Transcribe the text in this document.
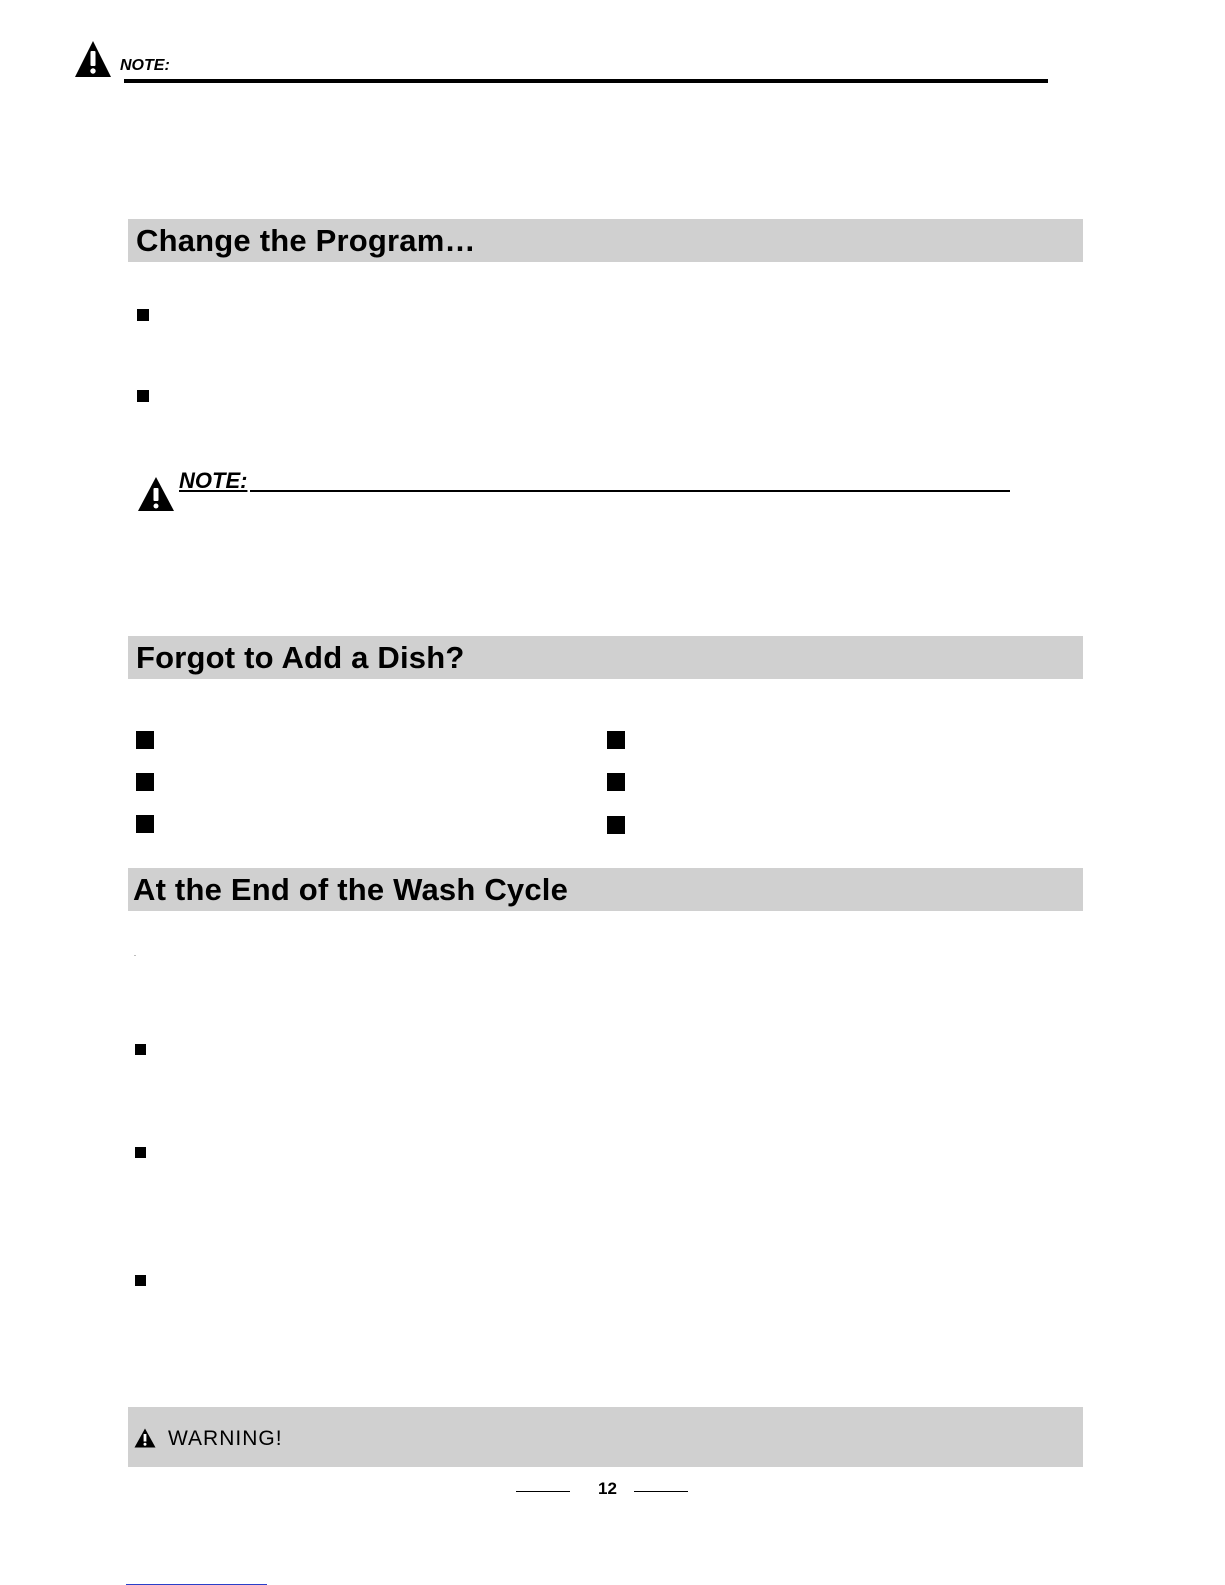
NOTE:
Change the Program…
NOTE:
Forgot to Add a Dish?
At the End of the Wash Cycle
WARNING!
12
